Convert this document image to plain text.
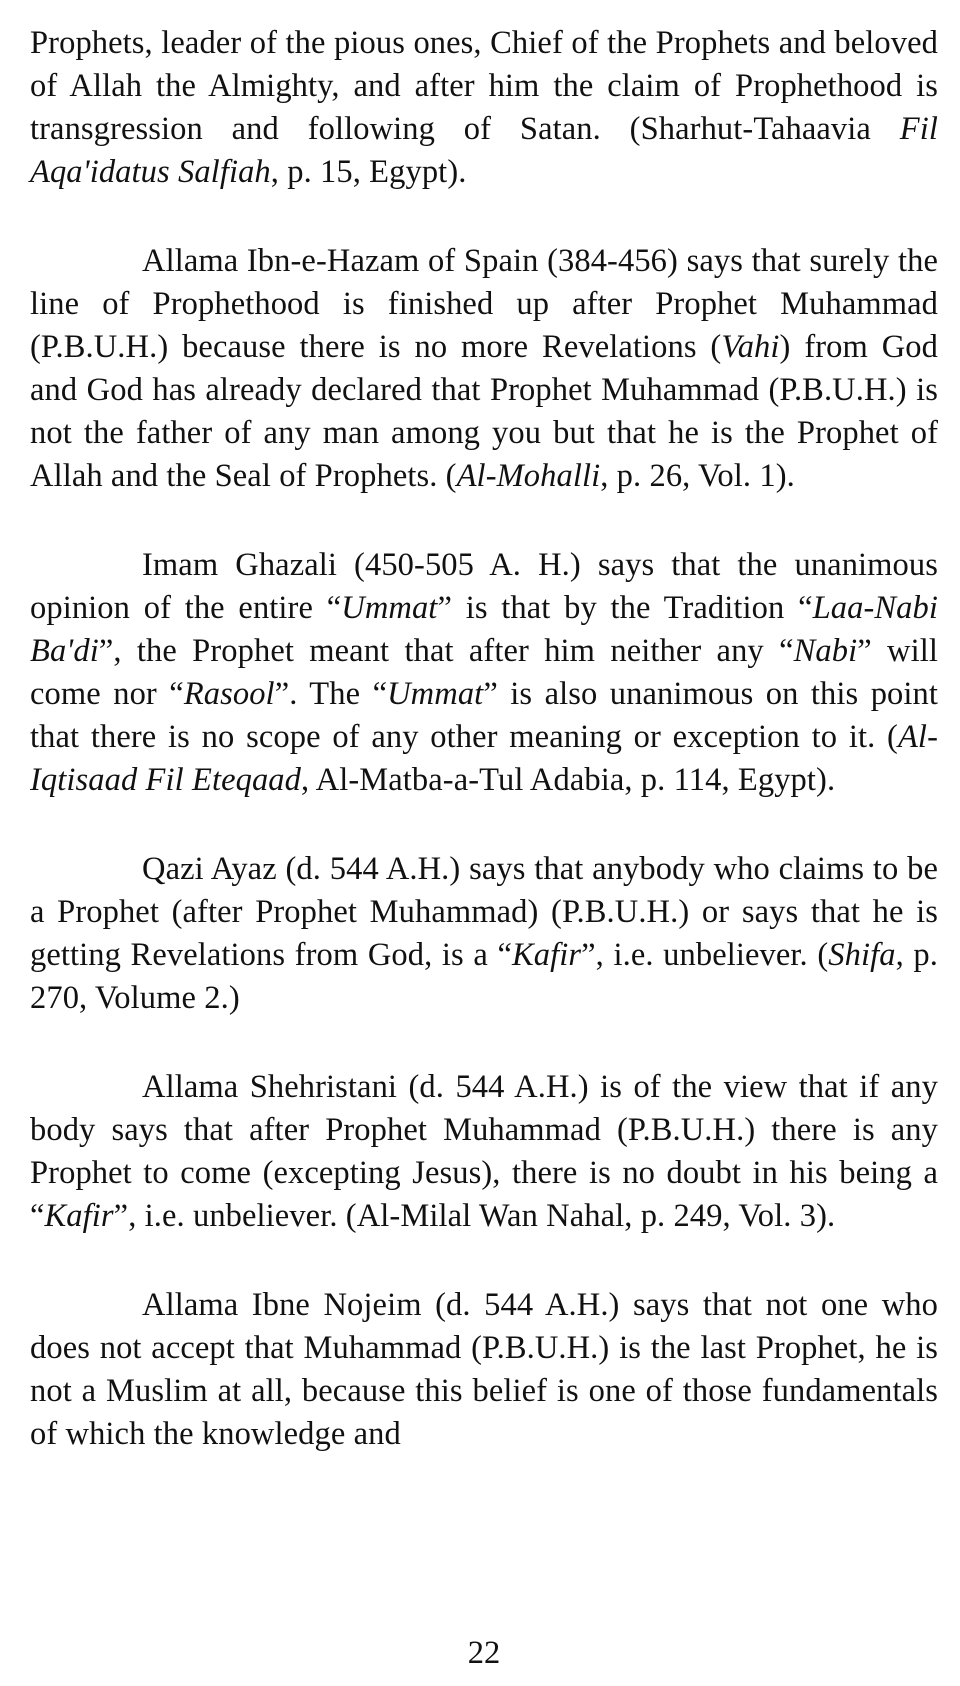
Prophets, leader of the pious ones, Chief of the Prophets and beloved of Allah the Almighty, and after him the claim of Prophethood is transgression and following of Satan. (Sharhut-Tahaavia Fil Aqa'idatus Salfiah, p. 15, Egypt).

Allama Ibn-e-Hazam of Spain (384-456) says that surely the line of Prophethood is finished up after Prophet Muhammad (P.B.U.H.) because there is no more Revelations (Vahi) from God and God has already declared that Prophet Muhammad (P.B.U.H.) is not the father of any man among you but that he is the Prophet of Allah and the Seal of Prophets. (Al-Mohalli, p. 26, Vol. 1).

Imam Ghazali (450-505 A. H.) says that the unanimous opinion of the entire “Ummat” is that by the Tradition “Laa-Nabi Ba'di”, the Prophet meant that after him neither any “Nabi” will come nor “Rasool”. The “Ummat” is also unanimous on this point that there is no scope of any other meaning or exception to it. (Al-Iqtisaad Fil Eteqaad, Al-Matba-a-Tul Adabia, p. 114, Egypt).

Qazi Ayaz (d. 544 A.H.) says that anybody who claims to be a Prophet (after Prophet Muhammad) (P.B.U.H.) or says that he is getting Revelations from God, is a “Kafir”, i.e. unbeliever. (Shifa, p. 270, Volume 2.)

Allama Shehristani (d. 544 A.H.) is of the view that if any body says that after Prophet Muhammad (P.B.U.H.) there is any Prophet to come (excepting Jesus), there is no doubt in his being a “Kafir”, i.e. unbeliever. (Al-Milal Wan Nahal, p. 249, Vol. 3).

Allama Ibne Nojeim (d. 544 A.H.) says that not one who does not accept that Muhammad (P.B.U.H.) is the last Prophet, he is not a Muslim at all, because this belief is one of those fundamentals of which the knowledge and

22
